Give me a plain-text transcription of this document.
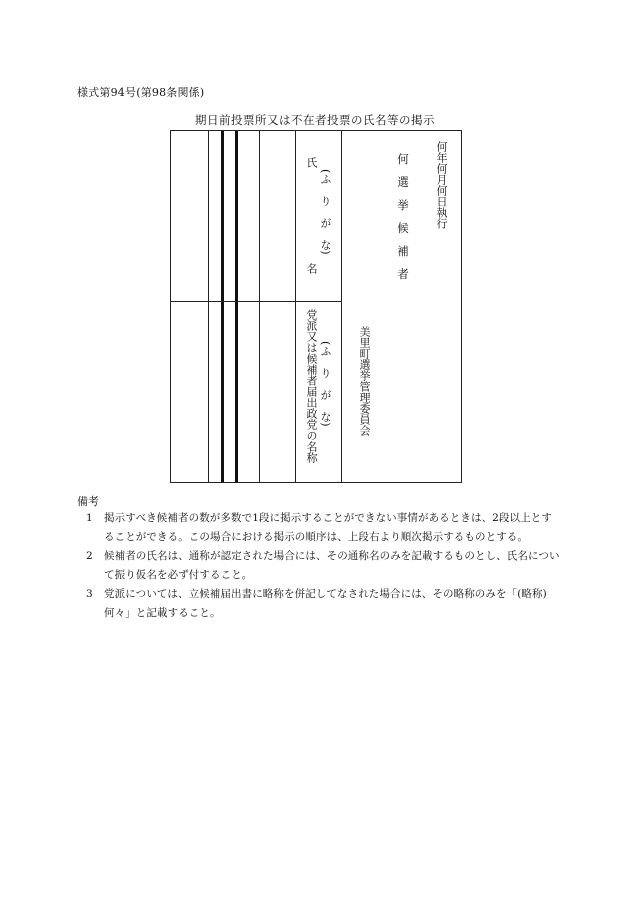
様式第94号(第98条関係)
期日前投票所又は不在者投票の氏名等の掲示
何年何月何日執行
何　選　挙　候　補　者
美里町選挙管理委員会
氏
(ふ　り　が　な)
名
党派又は候補者届出政党の名称 (ふ　り　が　な)
備考
1 掲示すべき候補者の数が多数で1段に掲示することができない事情があるときは、2段以上とすることができる。この場合における掲示の順序は、上段右より順次掲示するものとする。
2 候補者の氏名は、通称が認定された場合には、その通称名のみを記載するものとし、氏名について振り仮名を必ず付すること。
3 党派については、立候補届出書に略称を併記してなされた場合には、その略称のみを「(略称)何々」と記載すること。
